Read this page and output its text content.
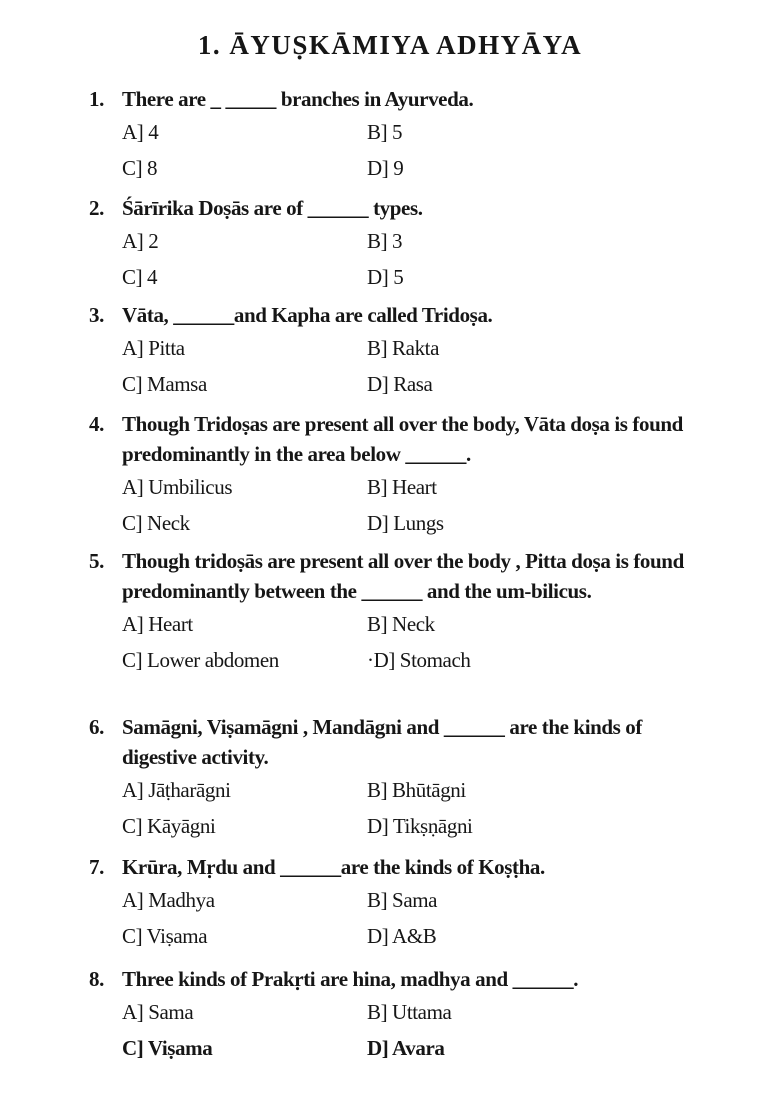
1. ĀYUṢKĀMIYA ADHYĀYA
1. There are _ _____ branches in Ayurveda.
A] 4	B] 5
C] 8	D] 9
2. Śārīrika Doṣās are of ______ types.
A] 2	B] 3
C] 4	D] 5
3. Vāta, ______and Kapha are called Tridoṣa.
A] Pitta	B] Rakta
C] Mamsa	D] Rasa
4. Though Tridoṣas are present all over the body, Vāta doṣa is found predominantly in the area below ______.
A] Umbilicus	B] Heart
C] Neck	D] Lungs
5. Though tridoṣās are present all over the body , Pitta doṣa is found predominantly between the ______ and the um-bilicus.
A] Heart	B] Neck
C] Lower abdomen	·D] Stomach
6. Samāgni, Viṣamāgni , Mandāgni and ______ are the kinds of digestive activity.
A] Jāṭharāgni	B] Bhūtāgni
C] Kāyāgni	D] Tikṣṇāgni
7. Krūra, Mṛdu and ______are the kinds of Koṣṭha.
A] Madhya	B] Sama
C] Viṣama	D] A&B
8. Three kinds of Prakṛti are hina, madhya and ______.
A] Sama	B] Uttama
C] Viṣama	D] Avara
